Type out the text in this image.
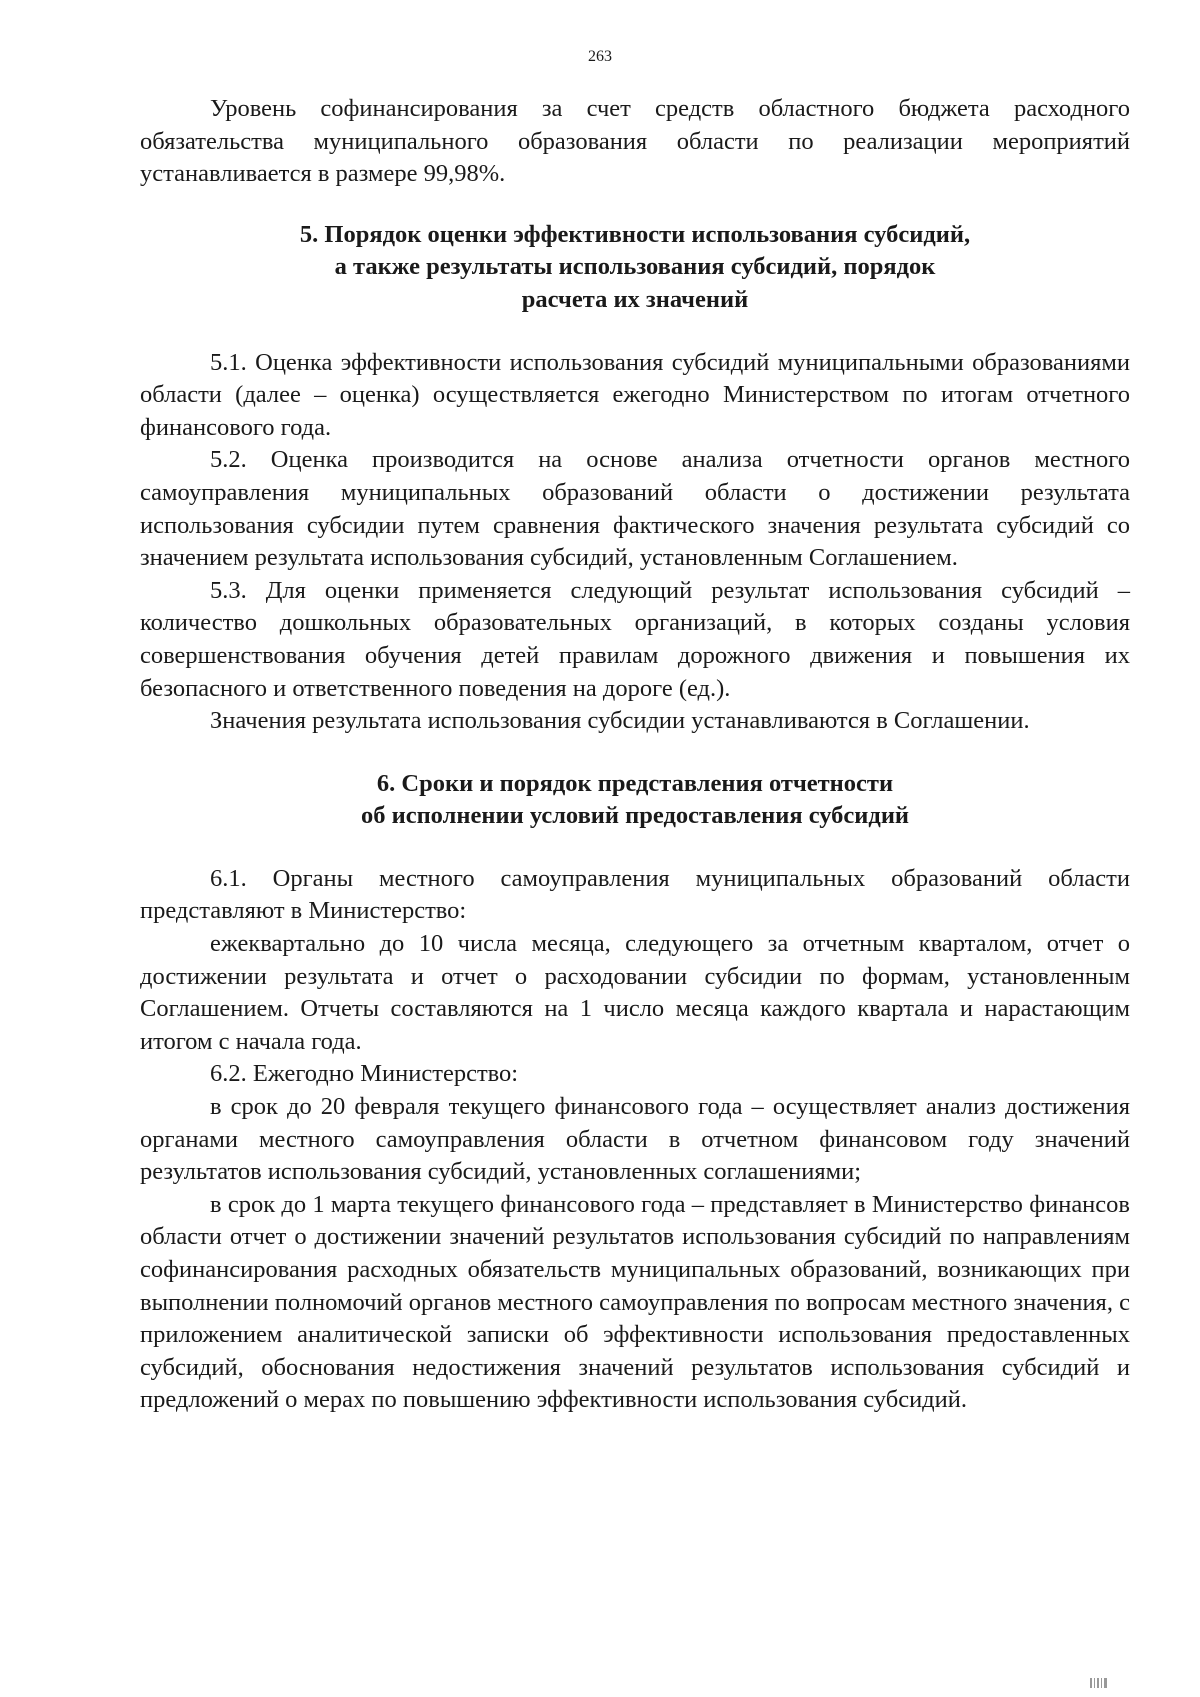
263

Уровень софинансирования за счет средств областного бюджета расходного обязательства муниципального образования области по реализации мероприятий устанавливается в размере 99,98%.

5. Порядок оценки эффективности использования субсидий,
а также результаты использования субсидий, порядок
расчета их значений

5.1. Оценка эффективности использования субсидий муниципальными образованиями области (далее – оценка) осуществляется ежегодно Министерством по итогам отчетного финансового года.

5.2. Оценка производится на основе анализа отчетности органов местного самоуправления муниципальных образований области о достижении результата использования субсидии путем сравнения фактического значения результата субсидий со значением результата использования субсидий, установленным Соглашением.

5.3. Для оценки применяется следующий результат использования субсидий – количество дошкольных образовательных организаций, в которых созданы условия совершенствования обучения детей правилам дорожного движения и повышения их безопасного и ответственного поведения на дороге (ед.).

Значения результата использования субсидии устанавливаются в Соглашении.

6. Сроки и порядок представления отчетности
об исполнении условий предоставления субсидий

6.1. Органы местного самоуправления муниципальных образований области представляют в Министерство:

ежеквартально до 10 числа месяца, следующего за отчетным кварталом, отчет о достижении результата и отчет о расходовании субсидии по формам, установленным Соглашением. Отчеты составляются на 1 число месяца каждого квартала и нарастающим итогом с начала года.

6.2. Ежегодно Министерство:

в срок до 20 февраля текущего финансового года – осуществляет анализ достижения органами местного самоуправления области в отчетном финансовом году значений результатов использования субсидий, установленных соглашениями;

в срок до 1 марта текущего финансового года – представляет в Министерство финансов области отчет о достижении значений результатов использования субсидий по направлениям софинансирования расходных обязательств муниципальных образований, возникающих при выполнении полномочий органов местного самоуправления по вопросам местного значения, с приложением аналитической записки об эффективности использования предоставленных субсидий, обоснования недостижения значений результатов использования субсидий и предложений о мерах по повышению эффективности использования субсидий.
